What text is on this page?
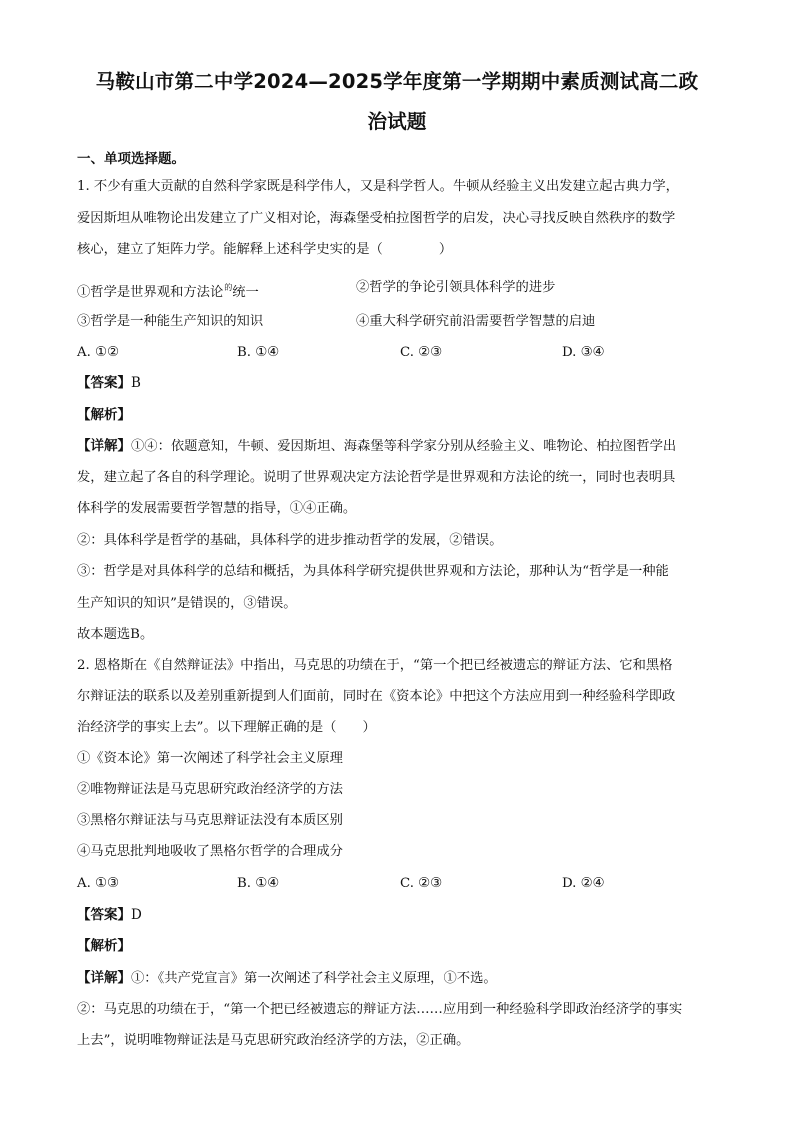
马鞍山市第二中学2024—2025学年度第一学期期中素质测试高二政
治试题
一、单项选择题。
1. 不少有重大贡献的自然科学家既是科学伟人，又是科学哲人。牛顿从经验主义出发建立起古典力学，
爱因斯坦从唯物论出发建立了广义相对论，海森堡受柏拉图哲学的启发，决心寻找反映自然秩序的数学
核心，建立了矩阵力学。能解释上述科学史实的是（	）
①哲学是世界观和方法论$^的$统一	②哲学的争论引领具体科学的进步
③哲学是一种能生产知识的知识	④重大科学研究前沿需要哲学智慧的启迪
A. ①②	B. ①④	C. ②③	D. ③④
【答案】B
【解析】
【详解】①④：依题意知，牛顿、爱因斯坦、海森堡等科学家分别从经验主义、唯物论、柏拉图哲学出
发，建立起了各自的科学理论。说明了世界观决定方法论哲学是世界观和方法论的统一，同时也表明具
体科学的发展需要哲学智慧的指导，①④正确。
②：具体科学是哲学的基础，具体科学的进步推动哲学的发展，②错误。
③：哲学是对具体科学的总结和概括，为具体科学研究提供世界观和方法论，那种认为“哲学是一种能
生产知识的知识”是错误的，③错误。
故本题选B。
2. 恩格斯在《自然辩证法》中指出，马克思的功绩在于，“第一个把已经被遗忘的辩证方法、它和黑格
尔辩证法的联系以及差别重新提到人们面前，同时在《资本论》中把这个方法应用到一种经验科学即政
治经济学的事实上去”。以下理解正确的是（ ）
①《资本论》第一次阐述了科学社会主义原理
②唯物辩证法是马克思研究政治经济学的方法
③黑格尔辩证法与马克思辩证法没有本质区别
④马克思批判地吸收了黑格尔哲学的合理成分
A. ①③	B. ①④	C. ②③	D. ②④
【答案】D
【解析】
【详解】①：《共产党宣言》第一次阐述了科学社会主义原理，①不选。
②：马克思的功绩在于，“第一个把已经被遗忘的辩证方法……应用到一种经验科学即政治经济学的事实
上去”，说明唯物辩证法是马克思研究政治经济学的方法，②正确。
